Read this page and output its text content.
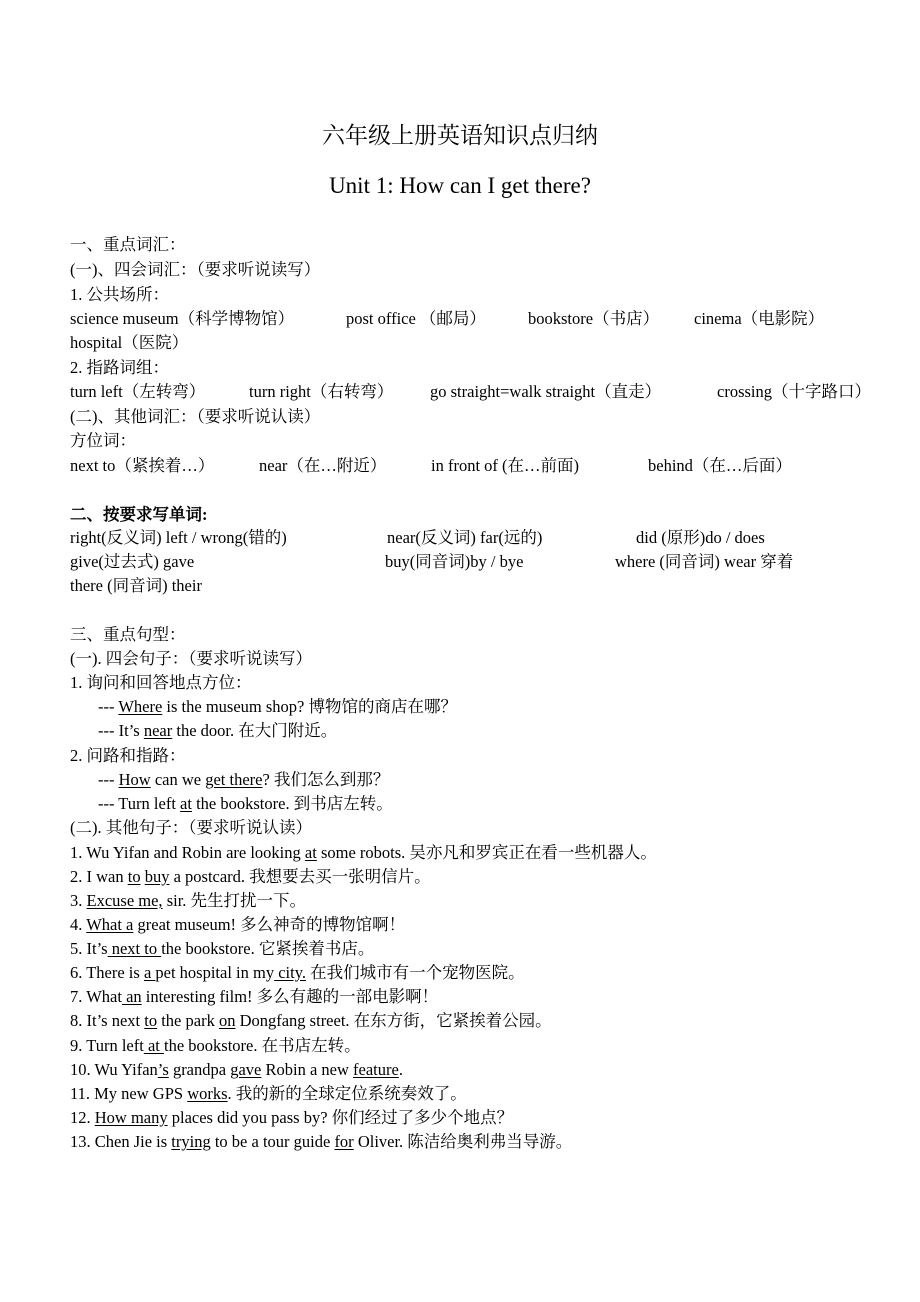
六年级上册英语知识点归纳
Unit 1: How can I get there?
一、重点词汇：
(一)、四会词汇：（要求听说读写）
1. 公共场所：
science museum（科学博物馆）	post office （邮局）	bookstore（书店） cinema（电影院）
hospital（医院）
2. 指路词组：
turn left（左转弯）	turn right（右转弯） go straight=walk straight（直走）	crossing（十字路口）
(二)、其他词汇：（要求听说认读）
方位词：
next to（紧挨着…）	near（在…附近）	in front of (在…前面)	behind（在…后面）
二、按要求写单词:
right(反义词) left / wrong(错的)	near(反义词) far(远的)	did (原形)do / does
give(过去式) gave	buy(同音词)by / bye	where (同音词) wear 穿着
there (同音词) their
三、重点句型：
(一). 四会句子：（要求听说读写）
1. 询问和回答地点方位：
--- Where is the museum shop? 博物馆的商店在哪？
--- It’s near the door. 在大门附近。
2. 问路和指路：
--- How can we get there? 我们怎么到那？
--- Turn left at the bookstore. 到书店左转。
(二). 其他句子：（要求听说认读）
1. Wu Yifan and Robin are looking at some robots. 吴亦凡和罗宾正在看一些机器人。
2. I wan to buy a postcard. 我想要去买一张明信片。
3. Excuse me, sir. 先生打扰一下。
4. What a great museum! 多么神奇的博物馆啊！
5. It’s next to the bookstore. 它紧挨着书店。
6. There is a pet hospital in my city. 在我们城市有一个宠物医院。
7. What an interesting film! 多么有趣的一部电影啊！
8. It’s next to the park on Dongfang street. 在东方街，它紧挨着公园。
9. Turn left at the bookstore. 在书店左转。
10. Wu Yifan’s grandpa gave Robin a new feature.
11. My new GPS works. 我的新的全球定位系统奏效了。
12. How many places did you pass by? 你们经过了多少个地点？
13. Chen Jie is trying to be a tour guide for Oliver. 陈洁给奥利弗当导游。
